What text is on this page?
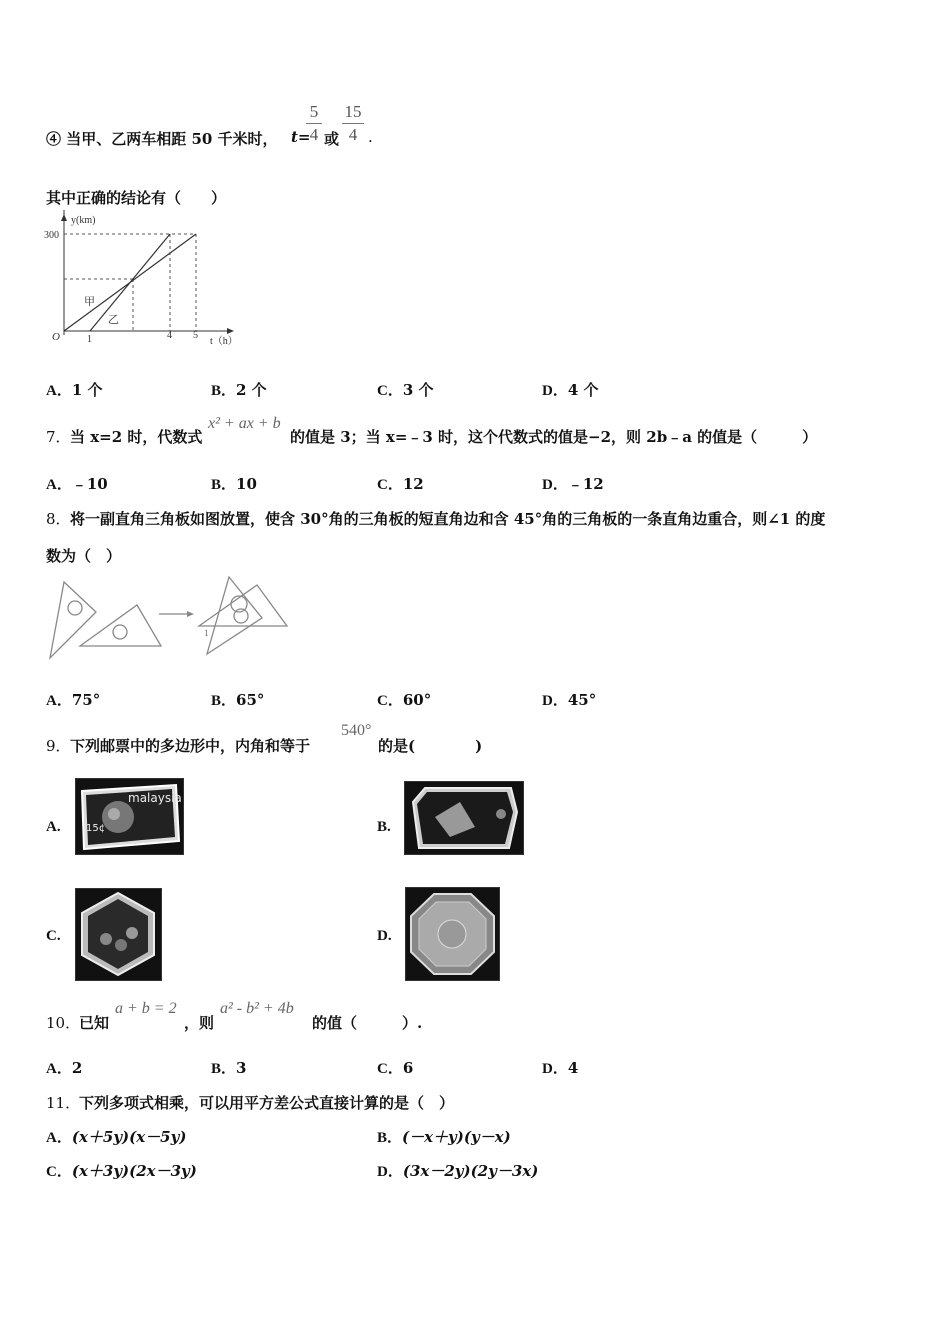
④ 当甲、乙两车相距 50 千米时， t=
5
4 或
15
4 .
其中正确的结论有（　　）
y(km)
300
O	1	4 5
t（h）
甲
乙
A．1 个	B．2 个	C．3 个	D．4 个
7． 当 x=2 时，代数式
x² + ax + b
的值是 3；当 x=﹣3 时，这个代数式的值是−2，则 2b﹣a 的值是（　　　）
A．﹣10	B．10	C．12	D．﹣12
8． 将一副直角三角板如图放置，使含 30°角的三角板的短直角边和含 45°角的三角板的一条直角边重合，则∠1 的度
数为（　）
1
A．75°	B．65°	C．60°	D．45°
9． 下列邮票中的多边形中，内角和等于
540°
的是(　　　　)
A.
malaysia
15¢	B.
C.	D.
10．
已知
a + b = 2
，则
a² - b² + 4b
的值（　　　）.
A．2	B．3	C．6	D．4
11．
下列多项式相乘，可以用平方差公式直接计算的是（　）
A．(x＋5y)(x－5y)	B．(－x＋y)(y－x)
C．(x＋3y)(2x－3y)	D．(3x－2y)(2y－3x)
